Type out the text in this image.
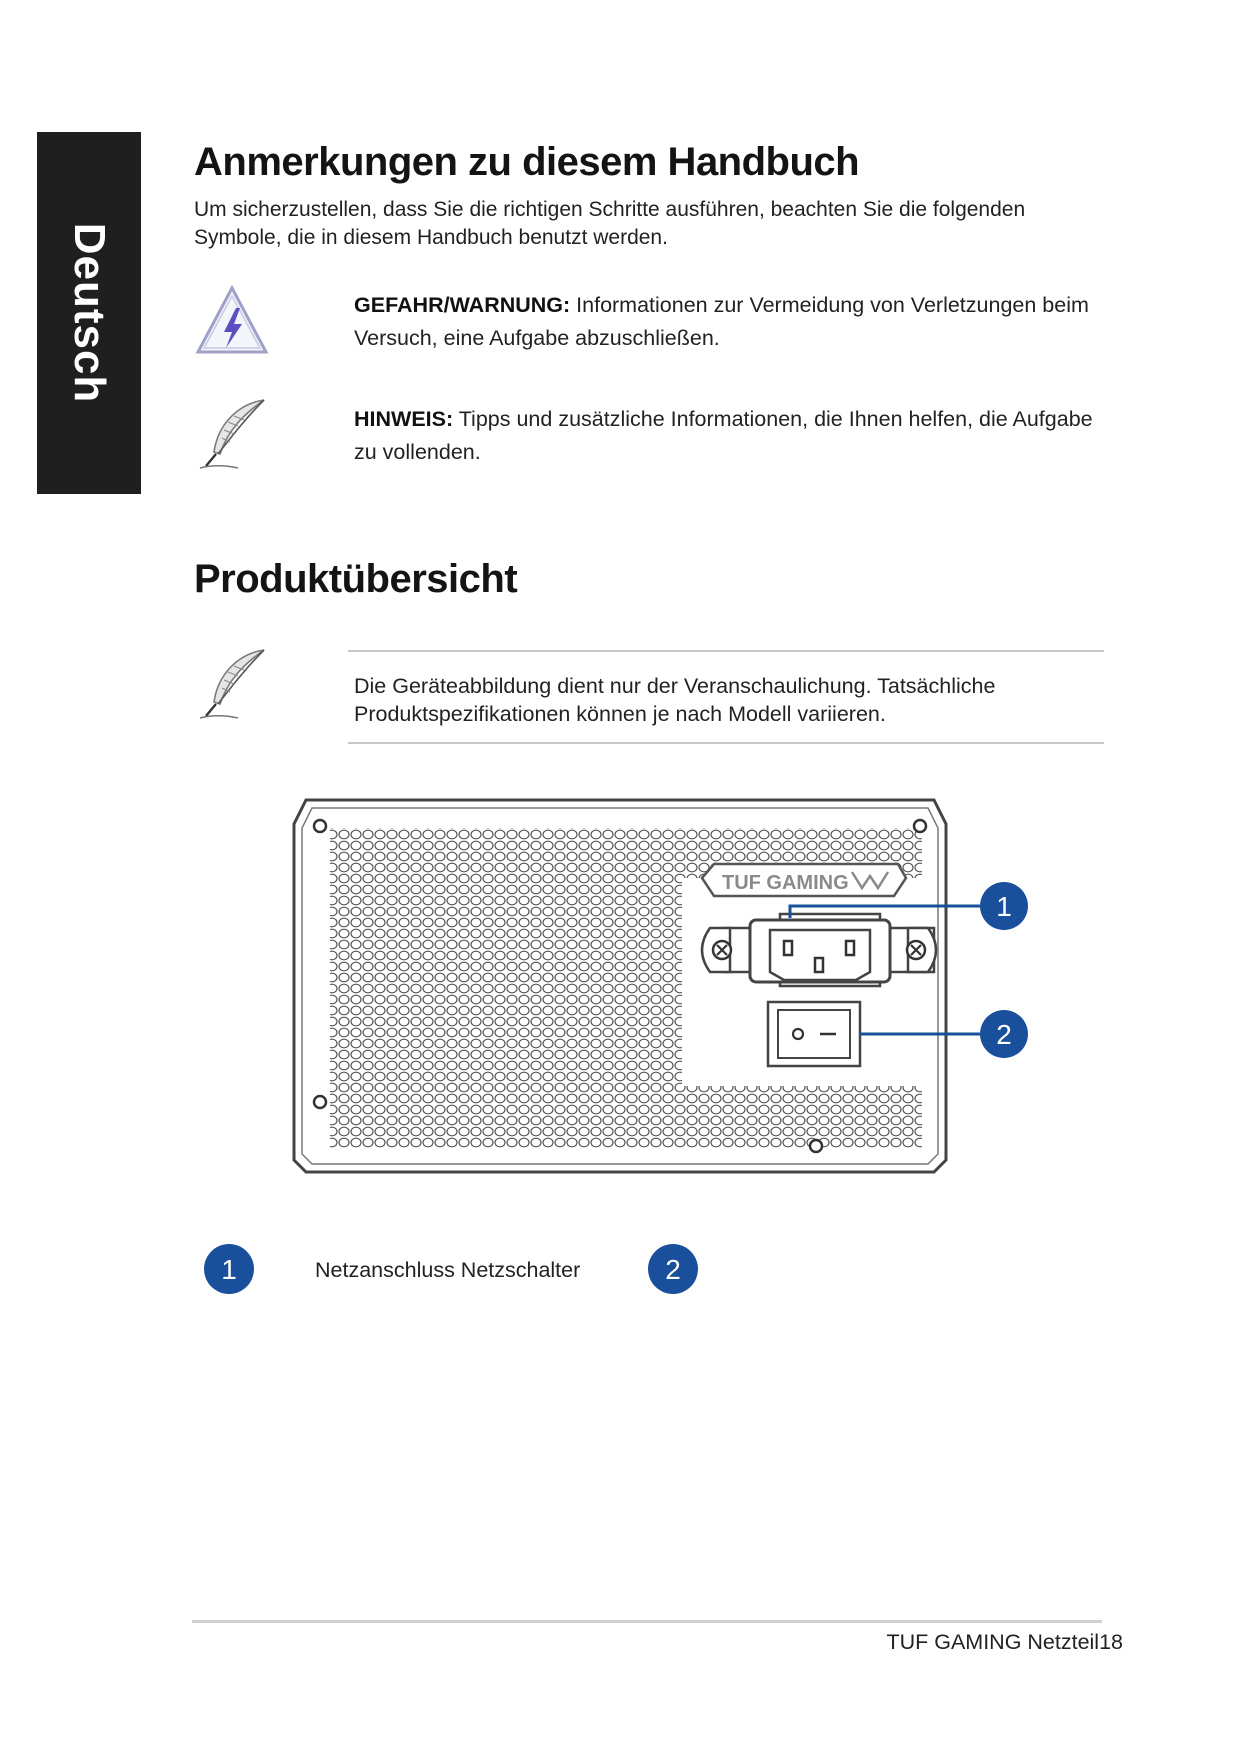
Deutsch
Anmerkungen zu diesem Handbuch
Um sicherzustellen, dass Sie die richtigen Schritte ausführen, beachten Sie die folgenden Symbole, die in diesem Handbuch benutzt werden.
GEFAHR/WARNUNG: Informationen zur Vermeidung von Verletzungen beim Versuch, eine Aufgabe abzuschließen.
HINWEIS: Tipps und zusätzliche Informationen, die Ihnen helfen, die Aufgabe zu vollenden.
Produktübersicht
Die Geräteabbildung dient nur der Veranschaulichung. Tatsächliche Produktspezifikationen können je nach Modell variieren.
TUF GAMING
1
2
1	Netzanschluss Netzschalter	2
TUF GAMING Netzteil18
